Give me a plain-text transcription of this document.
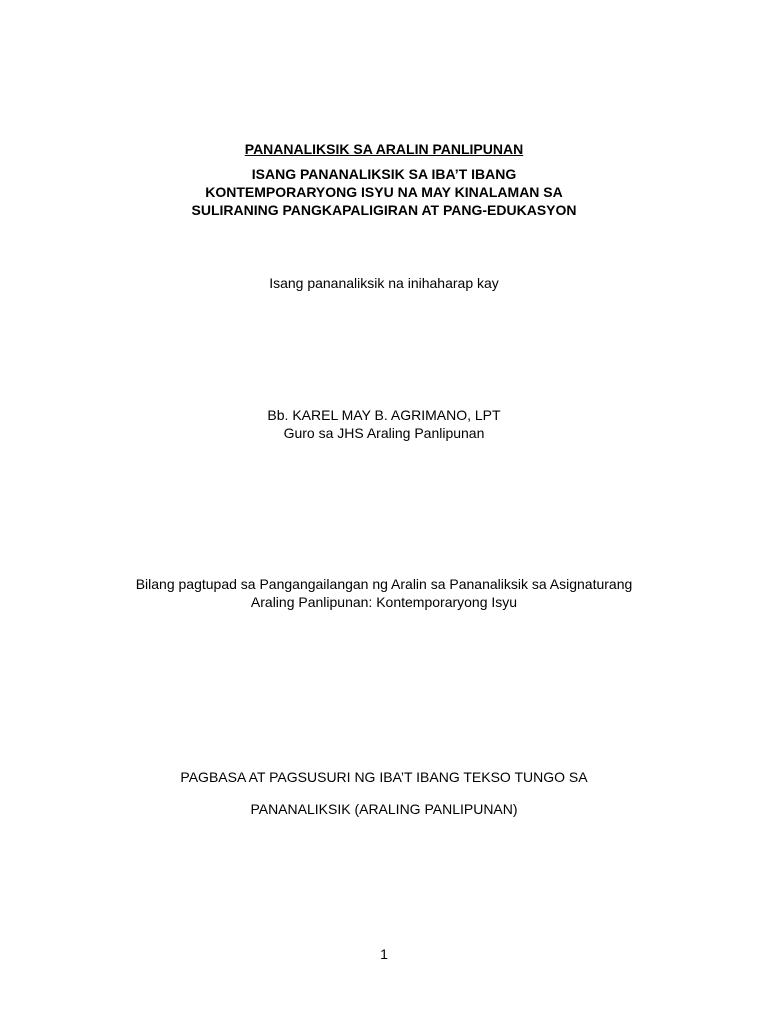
PANANALIKSIK SA ARALIN PANLIPUNAN
ISANG PANANALIKSIK SA IBA’T IBANG
KONTEMPORARYONG ISYU NA MAY KINALAMAN SA
SULIRANING PANGKAPALIGIRAN AT PANG-EDUKASYON
Isang pananaliksik na inihaharap kay
Bb. KAREL MAY B. AGRIMANO, LPT
Guro sa JHS Araling Panlipunan
Bilang pagtupad sa Pangangailangan ng Aralin sa Pananaliksik sa Asignaturang
Araling Panlipunan: Kontemporaryong Isyu
PAGBASA AT PAGSUSURI NG IBA’T IBANG TEKSO TUNGO SA
PANANALIKSIK (ARALING PANLIPUNAN)
1
